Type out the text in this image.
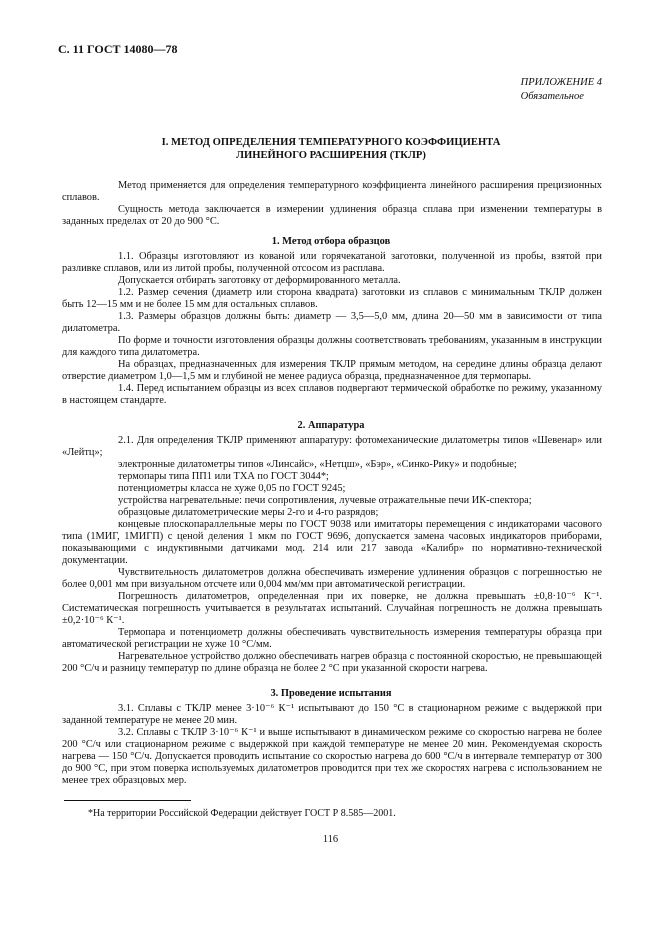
С. 11 ГОСТ 14080—78
ПРИЛОЖЕНИЕ 4
Обязательное
I. МЕТОД ОПРЕДЕЛЕНИЯ ТЕМПЕРАТУРНОГО КОЭФФИЦИЕНТА
ЛИНЕЙНОГО РАСШИРЕНИЯ (ТКЛР)
Метод применяется для определения температурного коэффициента линейного расширения прецизионных сплавов.
Сущность метода заключается в измерении удлинения образца сплава при изменении температуры в заданных пределах от 20 до 900 °С.
1. Метод отбора образцов
1.1. Образцы изготовляют из кованой или горячекатаной заготовки, полученной из пробы, взятой при разливке сплавов, или из литой пробы, полученной отсосом из расплава.
Допускается отбирать заготовку от деформированного металла.
1.2. Размер сечения (диаметр или сторона квадрата) заготовки из сплавов с минимальным ТКЛР должен быть 12—15 мм и не более 15 мм для остальных сплавов.
1.3. Размеры образцов должны быть: диаметр — 3,5—5,0 мм, длина 20—50 мм в зависимости от типа дилатометра.
По форме и точности изготовления образцы должны соответствовать требованиям, указанным в инструкции для каждого типа дилатометра.
На образцах, предназначенных для измерения ТКЛР прямым методом, на середине длины образца делают отверстие диаметром 1,0—1,5 мм и глубиной не менее радиуса образца, предназначенное для термопары.
1.4. Перед испытанием образцы из всех сплавов подвергают термической обработке по режиму, указанному в настоящем стандарте.
2. Аппаратура
2.1. Для определения ТКЛР применяют аппаратуру: фотомеханические дилатометры типов «Шевенар» или «Лейтц»;
электронные дилатометры типов «Линсайс», «Нетцш», «Бэр», «Синко-Рику» и подобные;
термопары типа ПП1 или ТХА по ГОСТ 3044*;
потенциометры класса не хуже 0,05 по ГОСТ 9245;
устройства нагревательные: печи сопротивления, лучевые отражательные печи ИК-спектора;
образцовые дилатометрические меры 2-го и 4-го разрядов;
концевые плоскопараллельные меры по ГОСТ 9038 или имитаторы перемещения с индикаторами часового типа (1МИГ, 1МИГП) с ценой деления 1 мкм по ГОСТ 9696, допускается замена часовых индикаторов приборами, показывающими с индуктивными датчиками мод. 214 или 217 завода «Калибр» по нормативно-технической документации.
Чувствительность дилатометров должна обеспечивать измерение удлинения образцов с погрешностью не более 0,001 мм при визуальном отсчете или 0,004 мм/мм при автоматической регистрации.
Погрешность дилатометров, определенная при их поверке, не должна превышать ±0,8·10⁻⁶ К⁻¹. Систематическая погрешность учитывается в результатах испытаний. Случайная погрешность не должна превышать ±0,2·10⁻⁶ К⁻¹.
Термопара и потенциометр должны обеспечивать чувствительность измерения температуры образца при автоматической регистрации не хуже 10 °С/мм.
Нагревательное устройство должно обеспечивать нагрев образца с постоянной скоростью, не превышающей 200 °С/ч и разницу температур по длине образца не более 2 °С при указанной скорости нагрева.
3. Проведение испытания
3.1. Сплавы с ТКЛР менее 3·10⁻⁶ К⁻¹ испытывают до 150 °С в стационарном режиме с выдержкой при заданной температуре не менее 20 мин.
3.2. Сплавы с ТКЛР 3·10⁻⁶ К⁻¹ и выше испытывают в динамическом режиме со скоростью нагрева не более 200 °С/ч или стационарном режиме с выдержкой при каждой температуре не менее 20 мин. Рекомендуемая скорость нагрева — 150 °С/ч. Допускается проводить испытание со скоростью нагрева до 600 °С/ч в интервале температур от 300 до 900 °С, при этом поверка используемых дилатометров проводится при тех же скоростях нагрева с использованием не менее трех образцовых мер.
*На территории Российской Федерации действует ГОСТ Р 8.585—2001.
116
